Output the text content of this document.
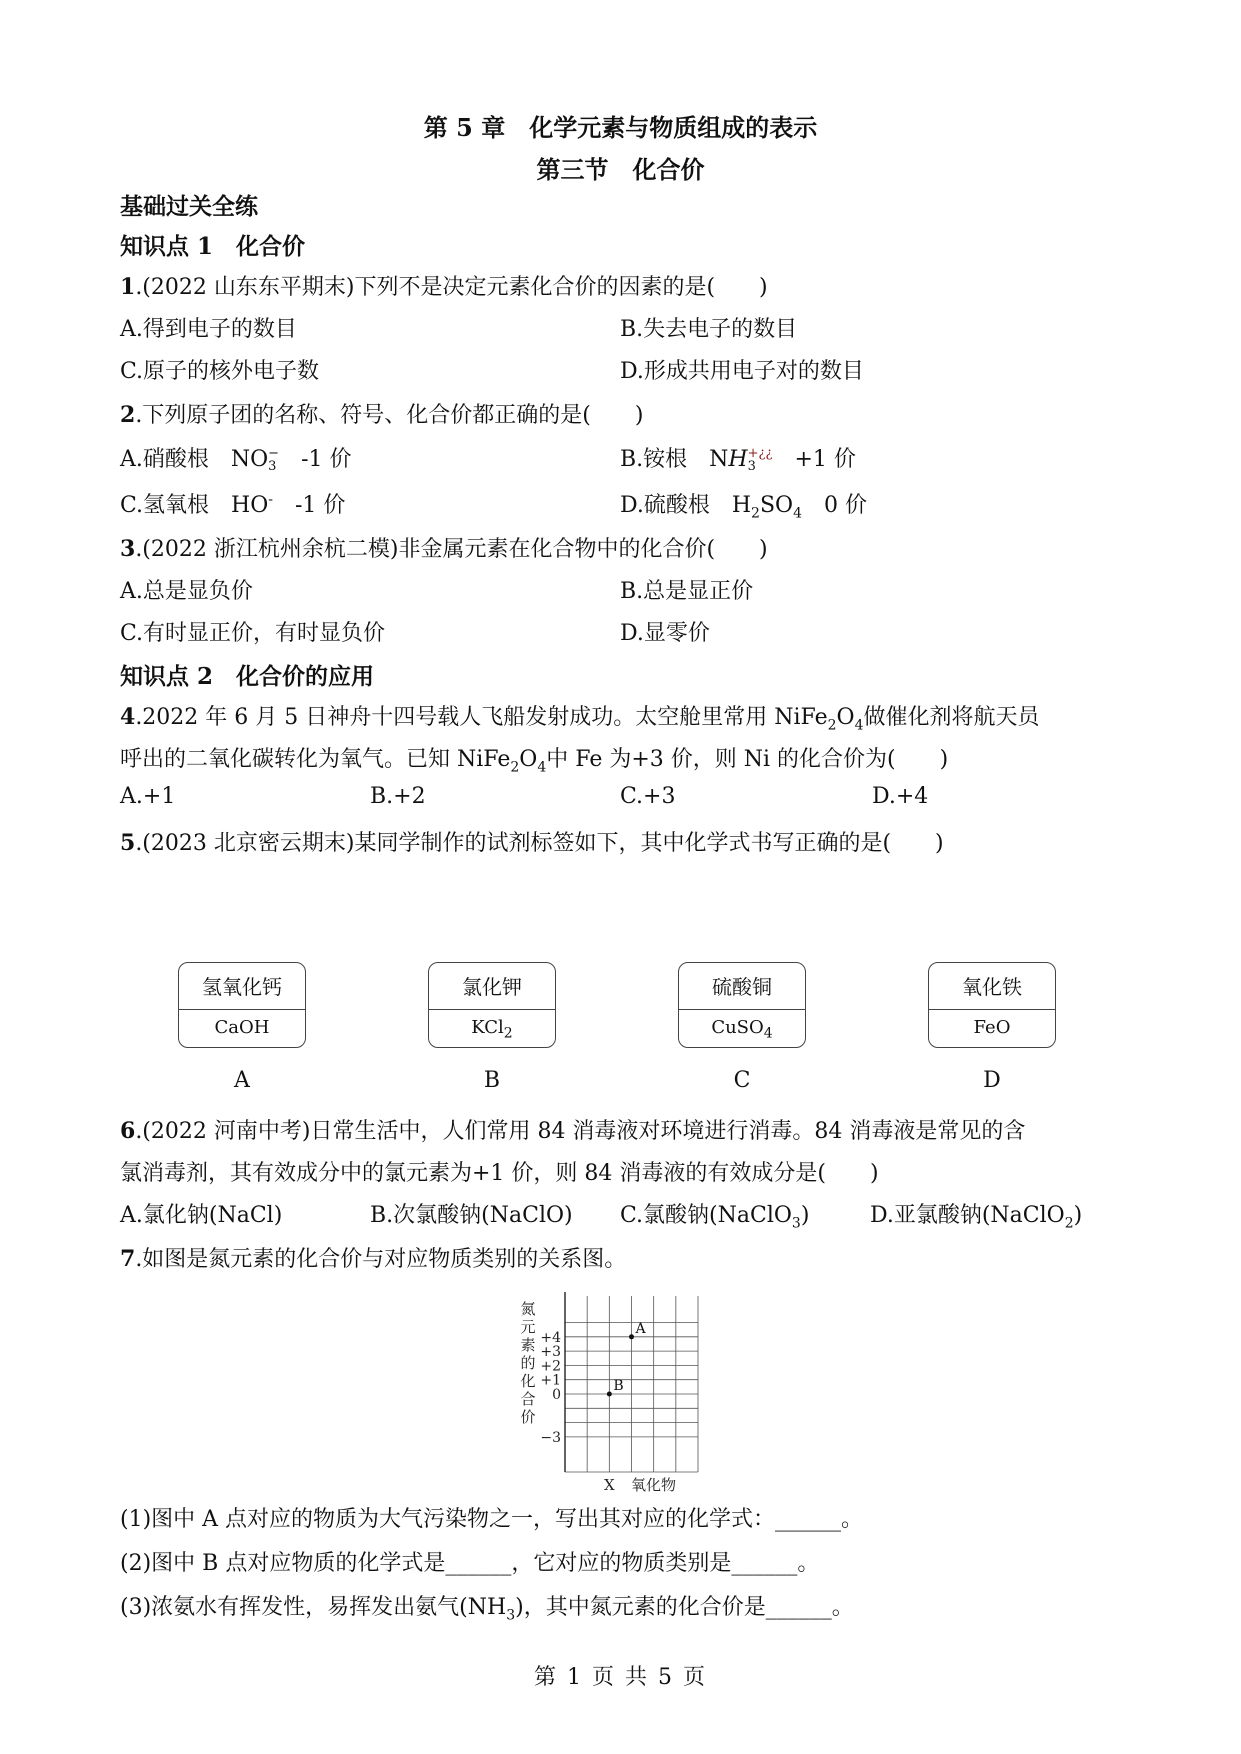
第 5 章　化学元素与物质组成的表示
第三节　化合价
基础过关全练
知识点 1　化合价
1.(2022 山东东平期末)下列不是决定元素化合价的因素的是(　　)
A.得到电子的数目	B.失去电子的数目
C.原子的核外电子数	D.形成共用电子对的数目
2.下列原子团的名称、符号、化合价都正确的是(　　)
A.硝酸根　NO −
3 　-1 价	B.铵根　NH +¿¿
3 　+1 价
C.氢氧根　HO-　-1 价	D.硫酸根　$H_2SO_4$　0 价
3.(2022 浙江杭州余杭二模)非金属元素在化合物中的化合价(　　)
A.总是显负价	B.总是显正价
C.有时显正价，有时显负价	D.显零价
知识点 2　化合价的应用
4.2022 年 6 月 5 日神舟十四号载人飞船发射成功。太空舱里常用 $NiFe_2O_4$做催化剂将航天员
呼出的二氧化碳转化为氧气。已知 $NiFe_2O_4$中 Fe 为+3 价，则 Ni 的化合价为(　　)
A.+1	B.+2	C.+3	D.+4
5.(2023 北京密云期末)某同学制作的试剂标签如下，其中化学式书写正确的是(　　)
氢氧化钙
CaOH
A
氯化钾
KCl$_2$
B
硫酸铜
CuSO$_4$
C
氧化铁
FeO
D
6.(2022 河南中考)日常生活中，人们常用 84 消毒液对环境进行消毒。84 消毒液是常见的含
氯消毒剂，其有效成分中的氯元素为+1 价，则 84 消毒液的有效成分是(　　)
A.氯化钠(NaCl)	B.次氯酸钠(NaClO) C.氯酸钠(NaClO$_3$)	D.亚氯酸钠(NaClO$_2$)
7.如图是氮元素的化合价与对应物质类别的关系图。
氮
元
素
的
化
合
价
+4
+3
+2
+1
0
−3
X 氧化物
A
B
(1)图中 A 点对应的物质为大气污染物之一，写出其对应的化学式：______。
(2)图中 B 点对应物质的化学式是______，它对应的物质类别是______。
(3)浓氨水有挥发性，易挥发出氨气$(NH_3)$，其中氮元素的化合价是______。
第 1 页 共 5 页
